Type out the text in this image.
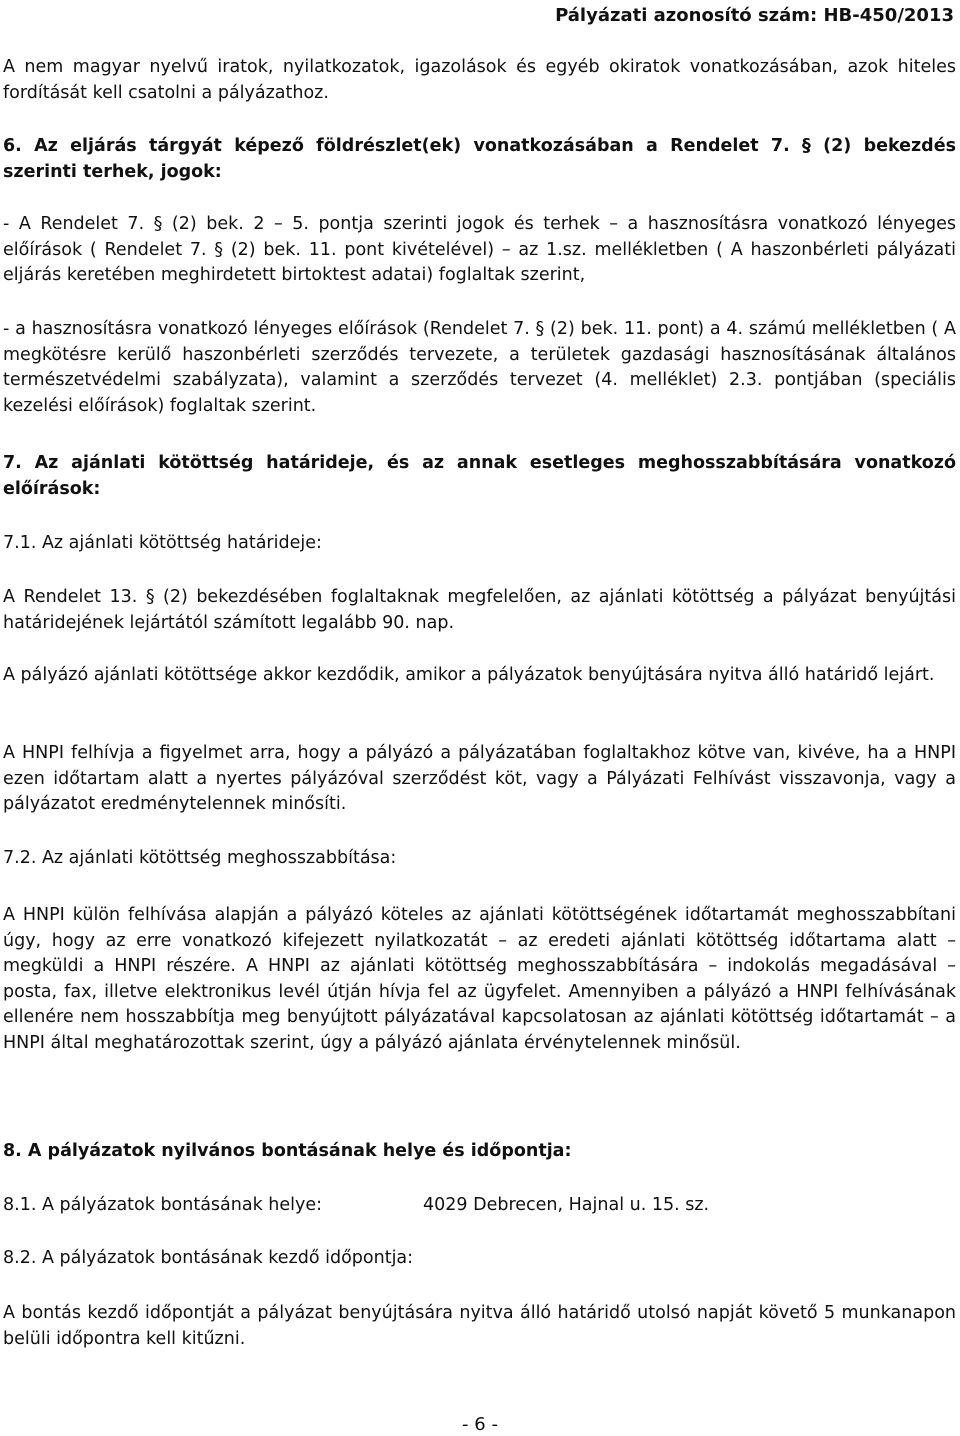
Pályázati azonosító szám: HB-450/2013

A nem magyar nyelvű iratok, nyilatkozatok, igazolások és egyéb okiratok vonatkozásában, azok hiteles fordítását kell csatolni a pályázathoz.

6. Az eljárás tárgyát képező földrészlet(ek) vonatkozásában a Rendelet 7. § (2) bekezdés szerinti terhek, jogok:

- A Rendelet 7. § (2) bek. 2 – 5. pontja szerinti jogok és terhek – a hasznosításra vonatkozó lényeges előírások ( Rendelet 7. § (2) bek. 11. pont kivételével) – az 1.sz. mellékletben ( A haszonbérleti pályázati eljárás keretében meghirdetett birtoktest adatai) foglaltak szerint,

- a hasznosításra vonatkozó lényeges előírások (Rendelet 7. § (2) bek. 11. pont) a 4. számú mellékletben ( A megkötésre kerülő haszonbérleti szerződés tervezete, a területek gazdasági hasznosításának általános természetvédelmi szabályzata), valamint a szerződés tervezet (4. melléklet) 2.3. pontjában (speciális kezelési előírások) foglaltak szerint.

7. Az ajánlati kötöttség határideje, és az annak esetleges meghosszabbítására vonatkozó előírások:

7.1. Az ajánlati kötöttség határideje:

A Rendelet 13. § (2) bekezdésében foglaltaknak megfelelően, az ajánlati kötöttség a pályázat benyújtási határidejének lejártától számított legalább 90. nap.

A pályázó ajánlati kötöttsége akkor kezdődik, amikor a pályázatok benyújtására nyitva álló határidő lejárt.

A HNPI felhívja a figyelmet arra, hogy a pályázó a pályázatában foglaltakhoz kötve van, kivéve, ha a HNPI ezen időtartam alatt a nyertes pályázóval szerződést köt, vagy a Pályázati Felhívást visszavonja, vagy a pályázatot eredménytelennek minősíti.

7.2. Az ajánlati kötöttség meghosszabbítása:

A HNPI külön felhívása alapján a pályázó köteles az ajánlati kötöttségének időtartamát meghosszabbítani úgy, hogy az erre vonatkozó kifejezett nyilatkozatát – az eredeti ajánlati kötöttség időtartama alatt – megküldi a HNPI részére. A HNPI az ajánlati kötöttség meghosszabbítására – indokolás megadásával – posta, fax, illetve elektronikus levél útján hívja fel az ügyfelet. Amennyiben a pályázó a HNPI felhívásának ellenére nem hosszabbítja meg benyújtott pályázatával kapcsolatosan az ajánlati kötöttség időtartamát – a HNPI által meghatározottak szerint, úgy a pályázó ajánlata érvénytelennek minősül.

8. A pályázatok nyilvános bontásának helye és időpontja:

8.1. A pályázatok bontásának helye:	4029 Debrecen, Hajnal u. 15. sz.

8.2. A pályázatok bontásának kezdő időpontja:

A bontás kezdő időpontját a pályázat benyújtására nyitva álló határidő utolsó napját követő 5 munkanapon belüli időpontra kell kitűzni.

- 6 -
